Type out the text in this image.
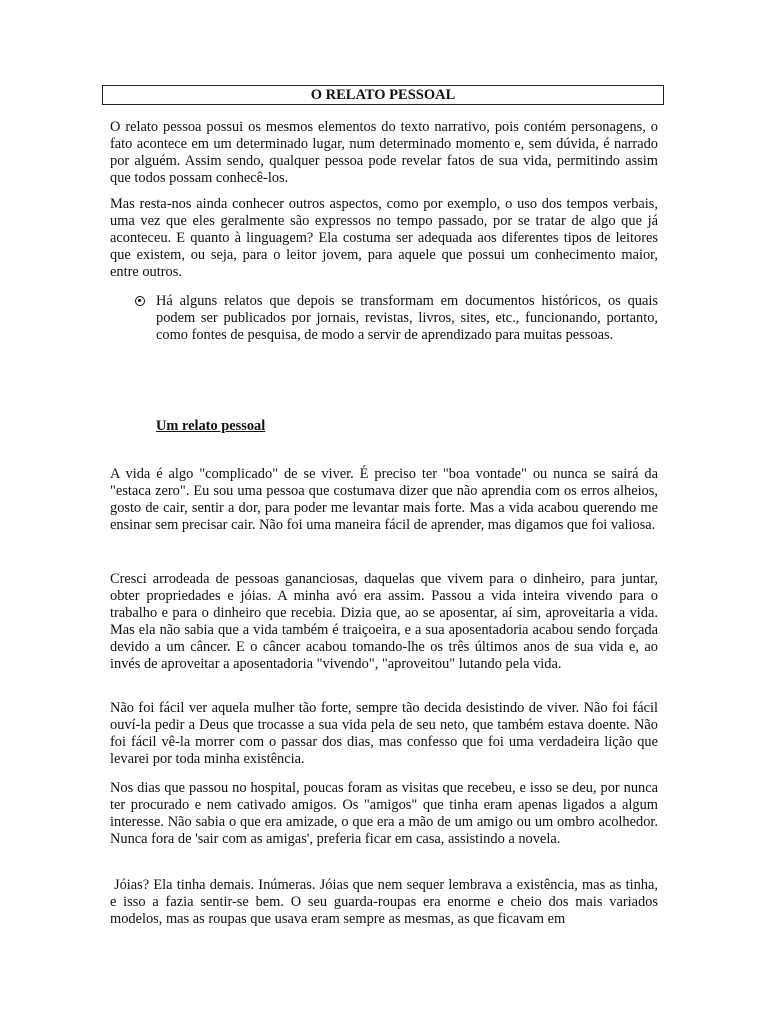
O RELATO PESSOAL

O relato pessoa possui os mesmos elementos do texto narrativo, pois contém personagens, o fato acontece em um determinado lugar, num determinado momento e, sem dúvida, é narrado por alguém. Assim sendo, qualquer pessoa pode revelar fatos de sua vida, permitindo assim que todos possam conhecê-los.

Mas resta-nos ainda conhecer outros aspectos, como por exemplo, o uso dos tempos verbais, uma vez que eles geralmente são expressos no tempo passado, por se tratar de algo que já aconteceu. E quanto à linguagem? Ela costuma ser adequada aos diferentes tipos de leitores que existem, ou seja, para o leitor jovem, para aquele que possui um conhecimento maior, entre outros.

Há alguns relatos que depois se transformam em documentos históricos, os quais podem ser publicados por jornais, revistas, livros, sites, etc., funcionando, portanto, como fontes de pesquisa, de modo a servir de aprendizado para muitas pessoas.

Um relato pessoal

A vida é algo "complicado" de se viver. É preciso ter "boa vontade" ou nunca se sairá da "estaca zero". Eu sou uma pessoa que costumava dizer que não aprendia com os erros alheios, gosto de cair, sentir a dor, para poder me levantar mais forte. Mas a vida acabou querendo me ensinar sem precisar cair. Não foi uma maneira fácil de aprender, mas digamos que foi valiosa.

Cresci arrodeada de pessoas gananciosas, daquelas que vivem para o dinheiro, para juntar, obter propriedades e jóias. A minha avó era assim. Passou a vida inteira vivendo para o trabalho e para o dinheiro que recebia. Dizia que, ao se aposentar, aí sim, aproveitaria a vida. Mas ela não sabia que a vida também é traiçoeira, e a sua aposentadoria acabou sendo forçada devido a um câncer. E o câncer acabou tomando-lhe os três últimos anos de sua vida e, ao invés de aproveitar a aposentadoria "vivendo", "aproveitou" lutando pela vida.

Não foi fácil ver aquela mulher tão forte, sempre tão decida desistindo de viver. Não foi fácil ouví-la pedir a Deus que trocasse a sua vida pela de seu neto, que também estava doente. Não foi fácil vê-la morrer com o passar dos dias, mas confesso que foi uma verdadeira lição que levarei por toda minha existência.

Nos dias que passou no hospital, poucas foram as visitas que recebeu, e isso se deu, por nunca ter procurado e nem cativado amigos. Os "amigos" que tinha eram apenas ligados a algum interesse. Não sabia o que era amizade, o que era a mão de um amigo ou um ombro acolhedor. Nunca fora de 'sair com as amigas', preferia ficar em casa, assistindo a novela.

Jóias? Ela tinha demais. Inúmeras. Jóias que nem sequer lembrava a existência, mas as tinha, e isso a fazia sentir-se bem. O seu guarda-roupas era enorme e cheio dos mais variados modelos, mas as roupas que usava eram sempre as mesmas, as que ficavam em
